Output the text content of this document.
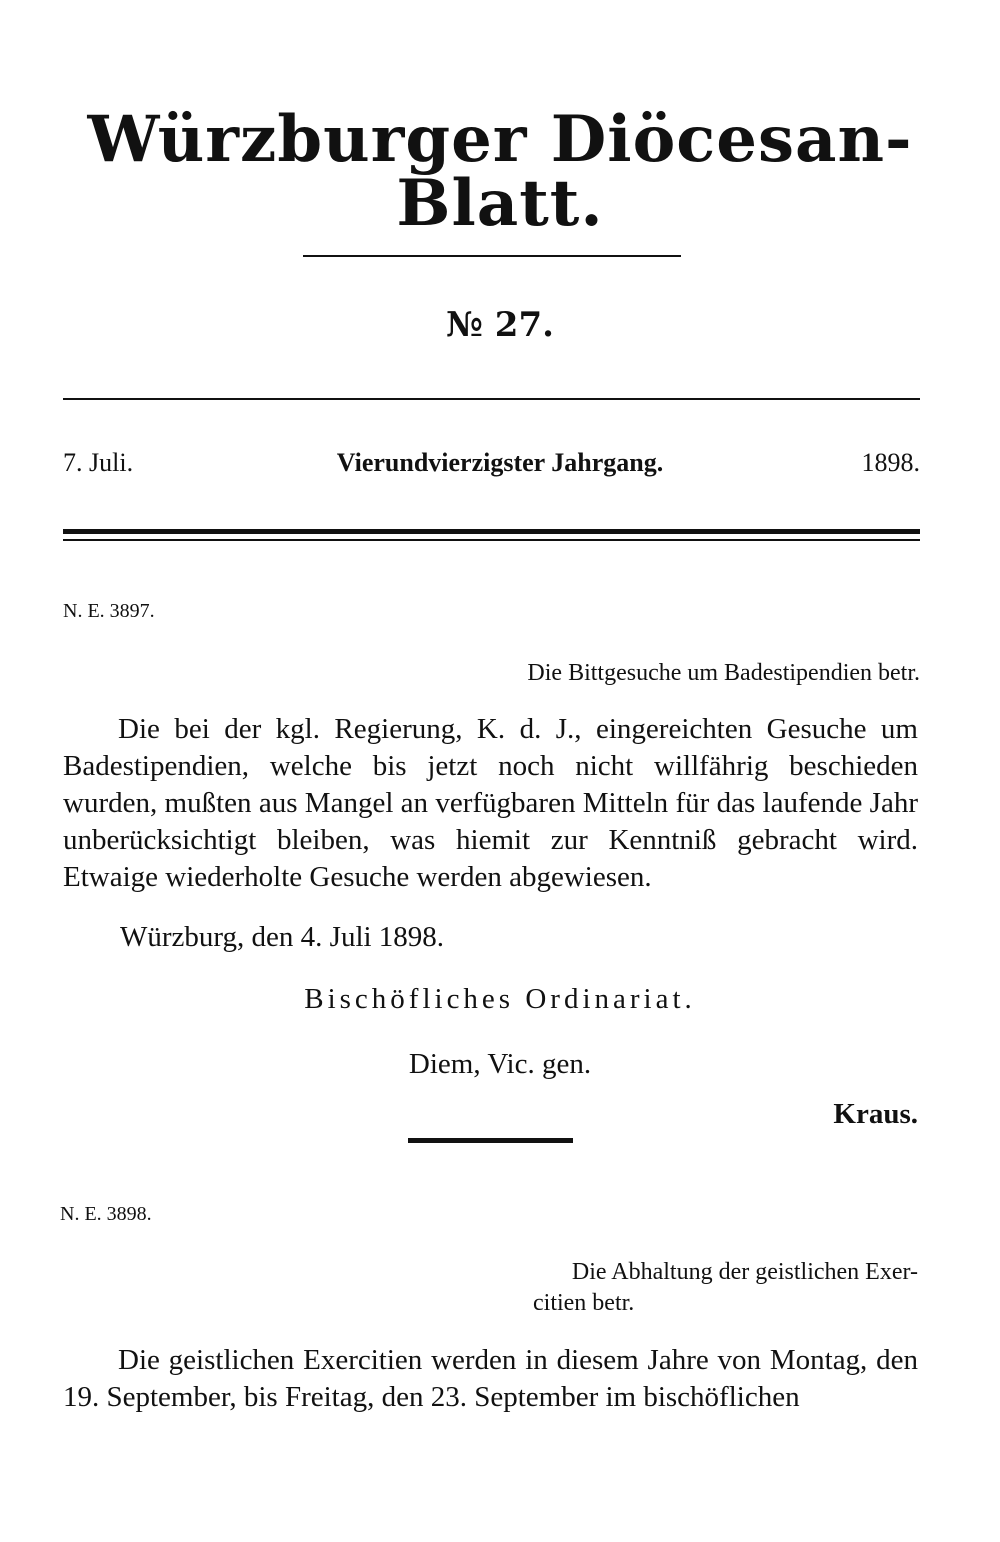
Würzburger Diöcesan-Blatt.
№ 27.
7. Juli.	Vierundvierzigster Jahrgang.	1898.
N. E. 3897.
Die Bittgesuche um Badestipendien betr.
Die bei der kgl. Regierung, K. d. J., eingereichten Gesuche um Badestipendien, welche bis jetzt noch nicht willfährig beschieden wurden, mußten aus Mangel an verfügbaren Mitteln für das laufende Jahr unberücksichtigt bleiben, was hiemit zur Kenntniß gebracht wird. Etwaige wiederholte Gesuche werden abgewiesen.
Würzburg, den 4. Juli 1898.
Bischöfliches Ordinariat.
Diem, Vic. gen.
Kraus.
N. E. 3898.
Die Abhaltung der geistlichen Exer-
citien betr.
Die geistlichen Exercitien werden in diesem Jahre von Montag, den 19. September, bis Freitag, den 23. September im bischöflichen
